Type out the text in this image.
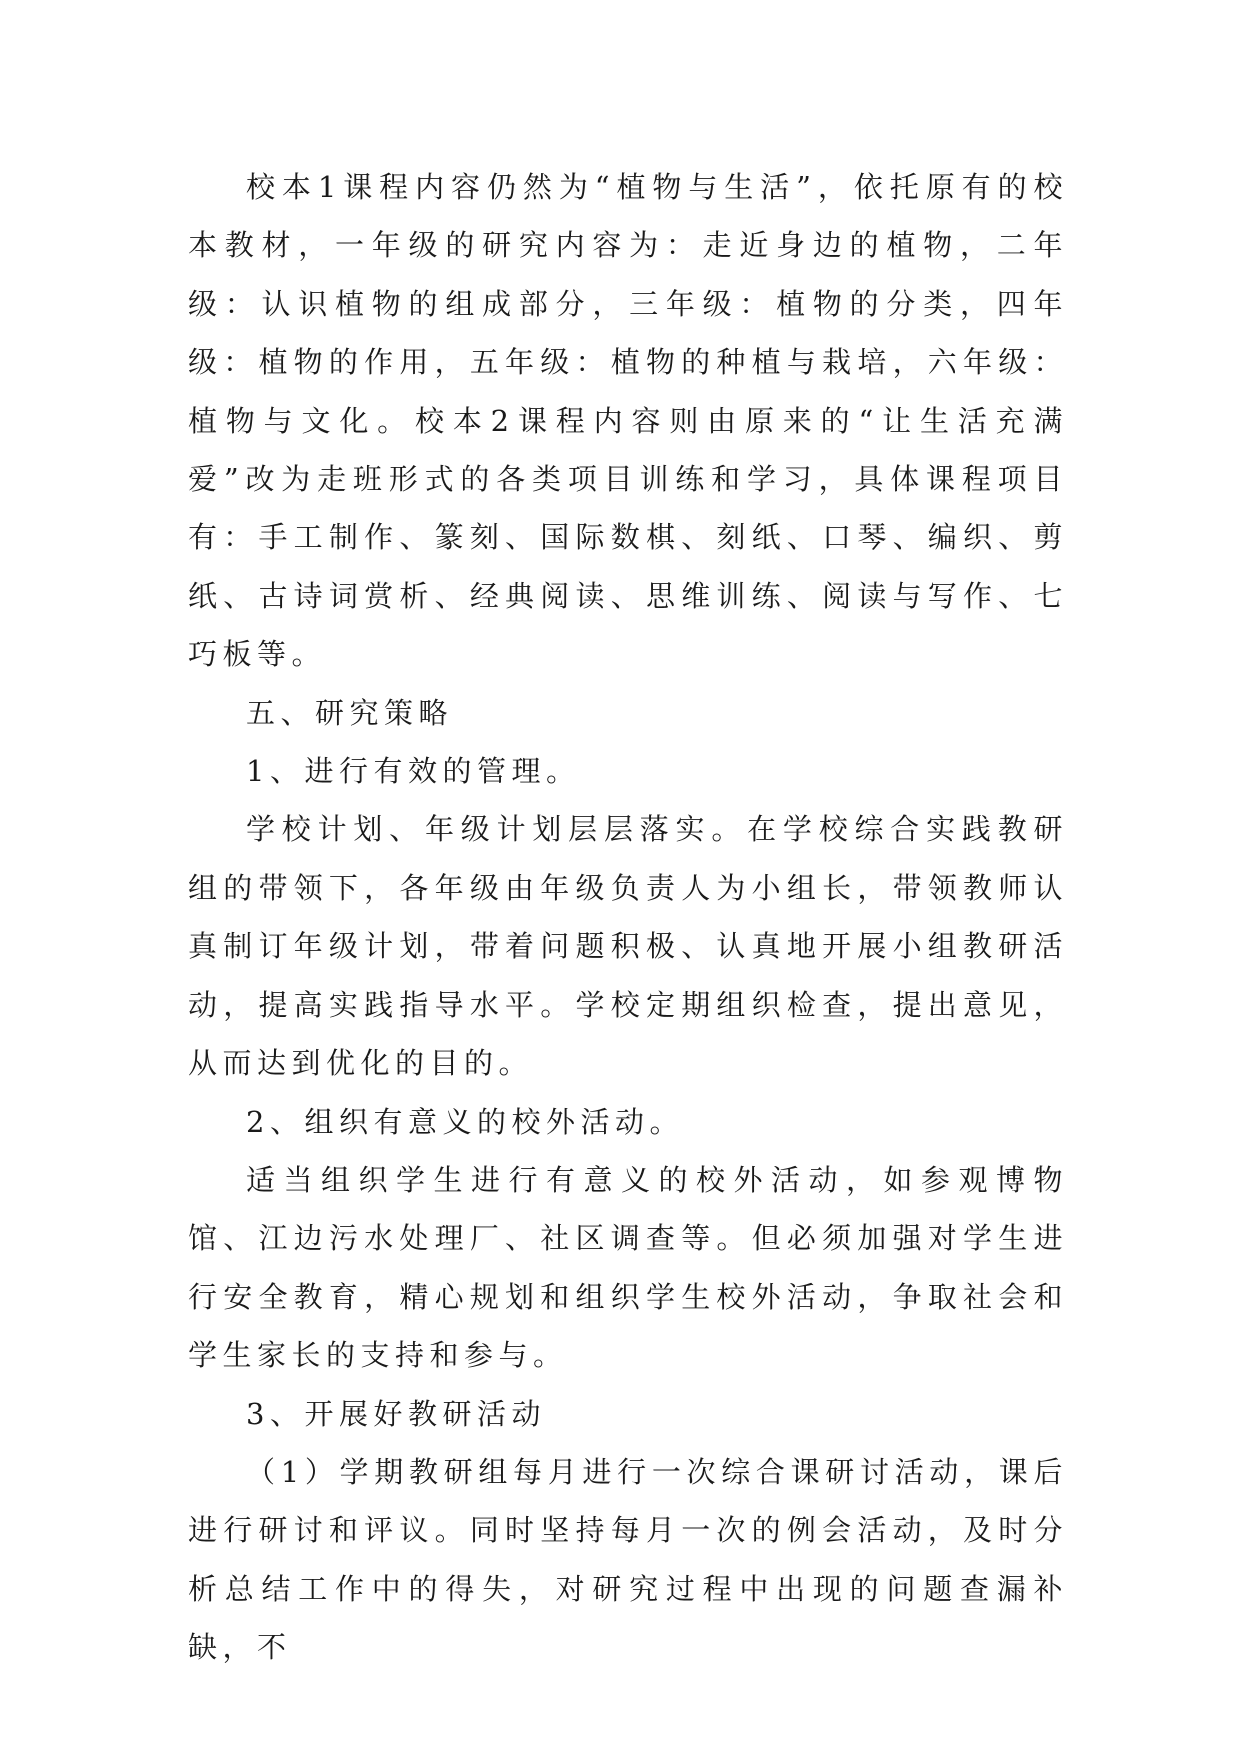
校本1课程内容仍然为“植物与生活”，依托原有的校本教材，一年级的研究内容为：走近身边的植物，二年级：认识植物的组成部分，三年级：植物的分类，四年级：植物的作用，五年级：植物的种植与栽培，六年级：植物与文化。校本2课程内容则由原来的“让生活充满爱”改为走班形式的各类项目训练和学习，具体课程项目有：手工制作、篆刻、国际数棋、刻纸、口琴、编织、剪纸、古诗词赏析、经典阅读、思维训练、阅读与写作、七巧板等。

五、研究策略

1、进行有效的管理。

学校计划、年级计划层层落实。在学校综合实践教研组的带领下，各年级由年级负责人为小组长，带领教师认真制订年级计划，带着问题积极、认真地开展小组教研活动，提高实践指导水平。学校定期组织检查，提出意见，从而达到优化的目的。

2、组织有意义的校外活动。

适当组织学生进行有意义的校外活动，如参观博物馆、江边污水处理厂、社区调查等。但必须加强对学生进行安全教育，精心规划和组织学生校外活动，争取社会和学生家长的支持和参与。

3、开展好教研活动

（1）学期教研组每月进行一次综合课研讨活动，课后进行研讨和评议。同时坚持每月一次的例会活动，及时分析总结工作中的得失，对研究过程中出现的问题查漏补缺，不
